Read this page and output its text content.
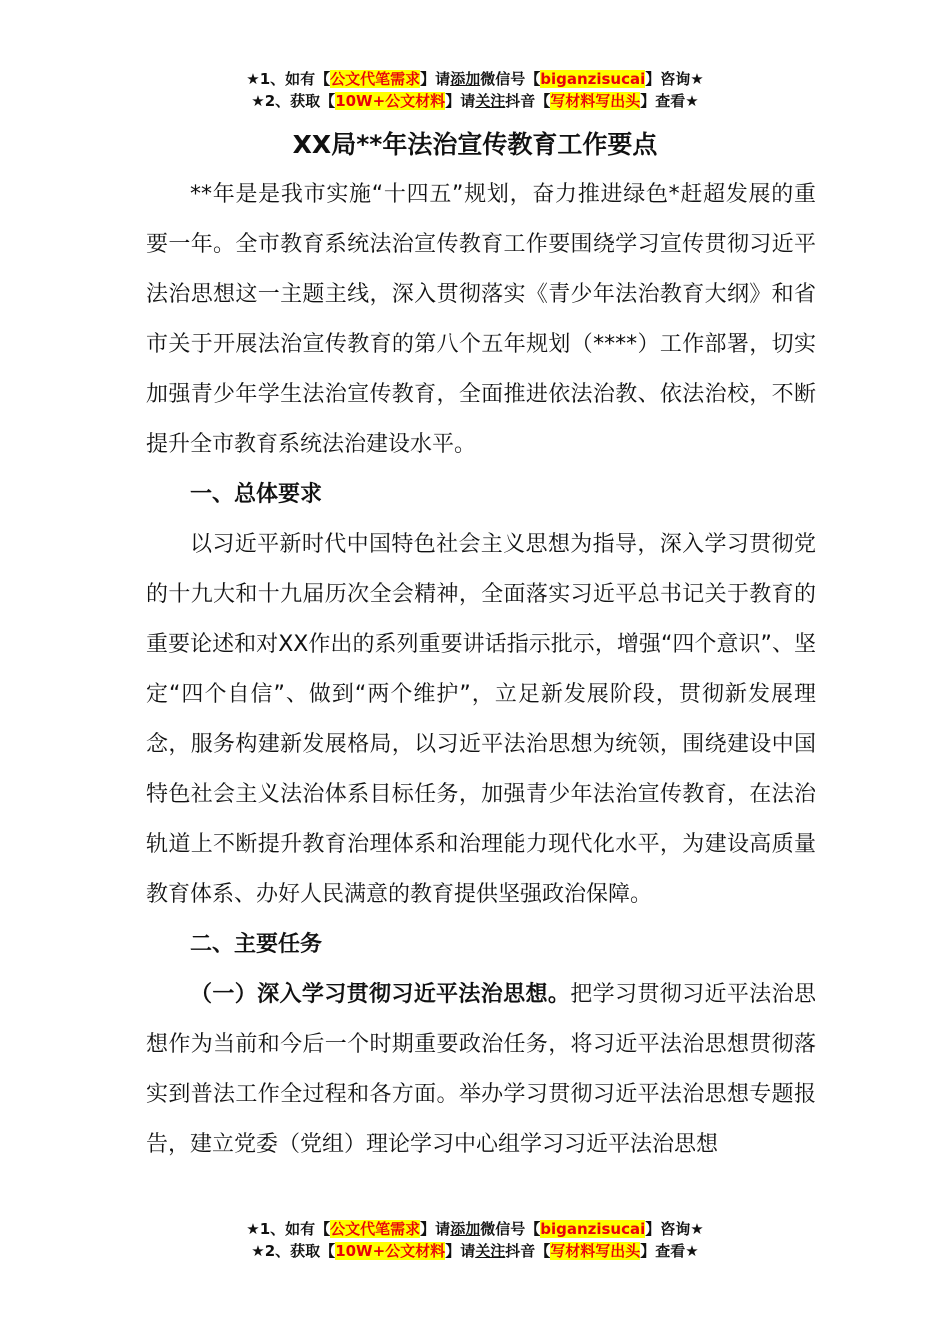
★1、如有【公文代笔需求】请添加微信号【biganzisucai】咨询★
★2、获取【10W+公文材料】请关注抖音【写材料写出头】查看★
XX局**年法治宣传教育工作要点

**年是是我市实施“十四五”规划，奋力推进绿色*赶超发展的重要一年。全市教育系统法治宣传教育工作要围绕学习宣传贯彻习近平法治思想这一主题主线，深入贯彻落实《青少年法治教育大纲》和省市关于开展法治宣传教育的第八个五年规划（****）工作部署，切实加强青少年学生法治宣传教育，全面推进依法治教、依法治校，不断提升全市教育系统法治建设水平。

一、总体要求

以习近平新时代中国特色社会主义思想为指导，深入学习贯彻党的十九大和十九届历次全会精神，全面落实习近平总书记关于教育的重要论述和对XX作出的系列重要讲话指示批示，增强“四个意识”、坚定“四个自信”、做到“两个维护”，立足新发展阶段，贯彻新发展理念，服务构建新发展格局，以习近平法治思想为统领，围绕建设中国特色社会主义法治体系目标任务，加强青少年法治宣传教育，在法治轨道上不断提升教育治理体系和治理能力现代化水平，为建设高质量教育体系、办好人民满意的教育提供坚强政治保障。

二、主要任务

（一）深入学习贯彻习近平法治思想。把学习贯彻习近平法治思想作为当前和今后一个时期重要政治任务，将习近平法治思想贯彻落实到普法工作全过程和各方面。举办学习贯彻习近平法治思想专题报告，建立党委（党组）理论学习中心组学习习近平法治思想

★1、如有【公文代笔需求】请添加微信号【biganzisucai】咨询★
★2、获取【10W+公文材料】请关注抖音【写材料写出头】查看★
